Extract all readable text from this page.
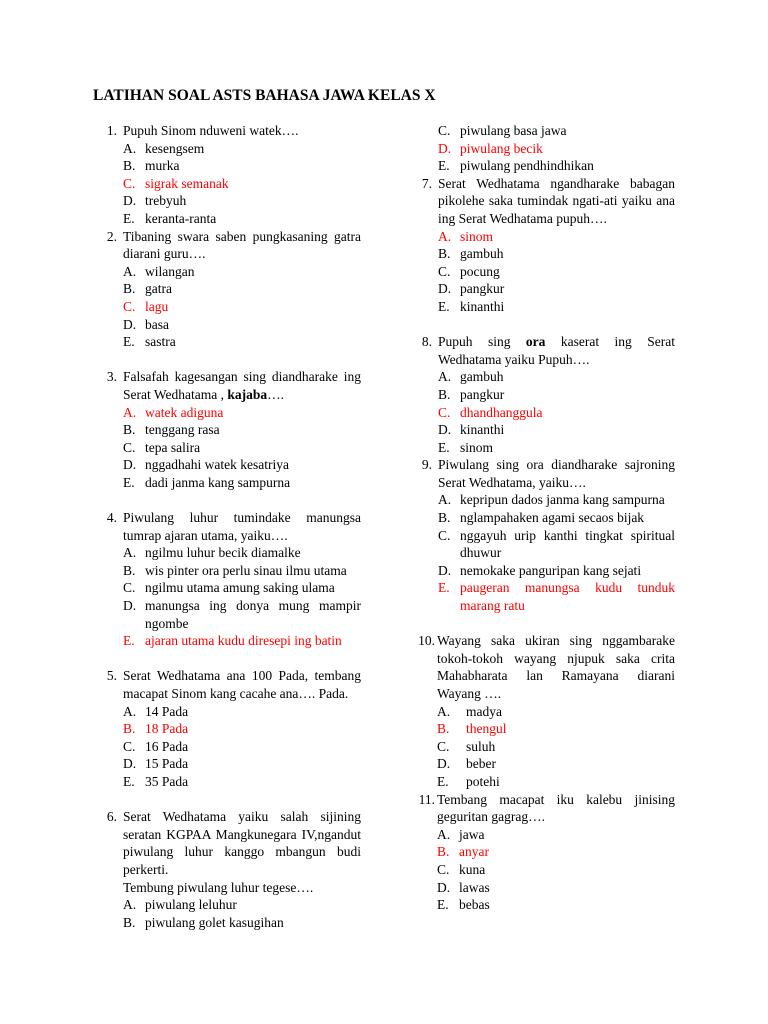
LATIHAN SOAL ASTS BAHASA JAWA KELAS X
1. Pupuh Sinom nduweni watek….
A. kesengsem
B. murka
C. sigrak semanak
D. trebyuh
E. keranta-ranta
2. Tibaning swara saben pungkasaning gatra diarani guru….
A. wilangan
B. gatra
C. lagu
D. basa
E. sastra
3. Falsafah kagesangan sing diandharake ing Serat Wedhatama , kajaba….
A. watek adiguna
B. tenggang rasa
C. tepa salira
D. nggadhahi watek kesatriya
E. dadi janma kang sampurna
4. Piwulang luhur tumindake manungsa tumrap ajaran utama, yaiku….
A. ngilmu luhur becik diamalke
B. wis pinter ora perlu sinau ilmu utama
C. ngilmu utama amung saking ulama
D. manungsa ing donya mung mampir ngombe
E. ajaran utama kudu diresepi ing batin
5. Serat Wedhatama ana 100 Pada, tembang macapat Sinom kang cacahe ana…. Pada.
A. 14 Pada
B. 18 Pada
C. 16 Pada
D. 15 Pada
E. 35 Pada
6. Serat Wedhatama yaiku salah sijining seratan KGPAA Mangkunegara IV,ngandut piwulang luhur kanggo mbangun budi perkerti.
Tembung piwulang luhur tegese….
A. piwulang leluhur
B. piwulang golet kasugihan
C. piwulang basa jawa
D. piwulang becik
E. piwulang pendhindhikan
7. Serat Wedhatama ngandharake babagan pikolehe saka tumindak ngati-ati yaiku ana ing Serat Wedhatama pupuh….
A. sinom
B. gambuh
C. pocung
D. pangkur
E. kinanthi
8. Pupuh sing ora kaserat ing Serat Wedhatama yaiku Pupuh….
A. gambuh
B. pangkur
C. dhandhanggula
D. kinanthi
E. sinom
9. Piwulang sing ora diandharake sajroning Serat Wedhatama, yaiku….
A. kepripun dados janma kang sampurna
B. nglampahaken agami secaos bijak
C. nggayuh urip kanthi tingkat spiritual dhuwur
D. nemokake panguripan kang sejati
E. paugeran manungsa kudu tunduk marang ratu
10. Wayang saka ukiran sing nggambarake tokoh-tokoh wayang njupuk saka crita Mahabharata lan Ramayana diarani Wayang ….
A. madya
B. thengul
C. suluh
D. beber
E. potehi
11. Tembang macapat iku kalebu jinising geguritan gagrag….
A. jawa
B. anyar
C. kuna
D. lawas
E. bebas
